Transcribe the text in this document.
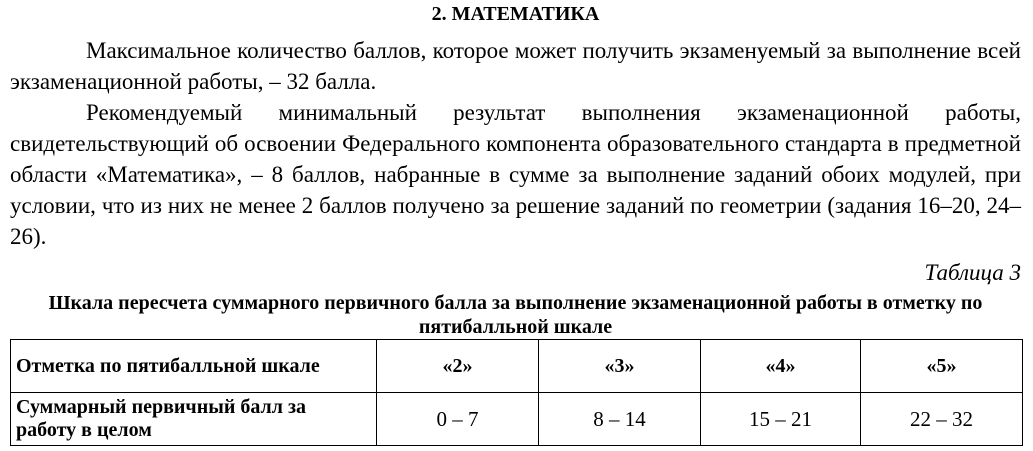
2. МАТЕМАТИКА

Максимальное количество баллов, которое может получить экзаменуемый за выполнение всей экзаменационной работы, – 32 балла.

Рекомендуемый минимальный результат выполнения экзаменационной работы, свидетельствующий об освоении Федерального компонента образовательного стандарта в предметной области «Математика», – 8 баллов, набранные в сумме за выполнение заданий обоих модулей, при условии, что из них не менее 2 баллов получено за решение заданий по геометрии (задания 16–20, 24–26).

Таблица 3
Шкала пересчета суммарного первичного балла за выполнение экзаменационной работы в отметку по пятибалльной шкале
Отметка по пятибалльной шкале	«2»	«3»	«4»	«5»
Суммарный первичный балл за работу в целом	0 – 7	8 – 14	15 – 21	22 – 32
